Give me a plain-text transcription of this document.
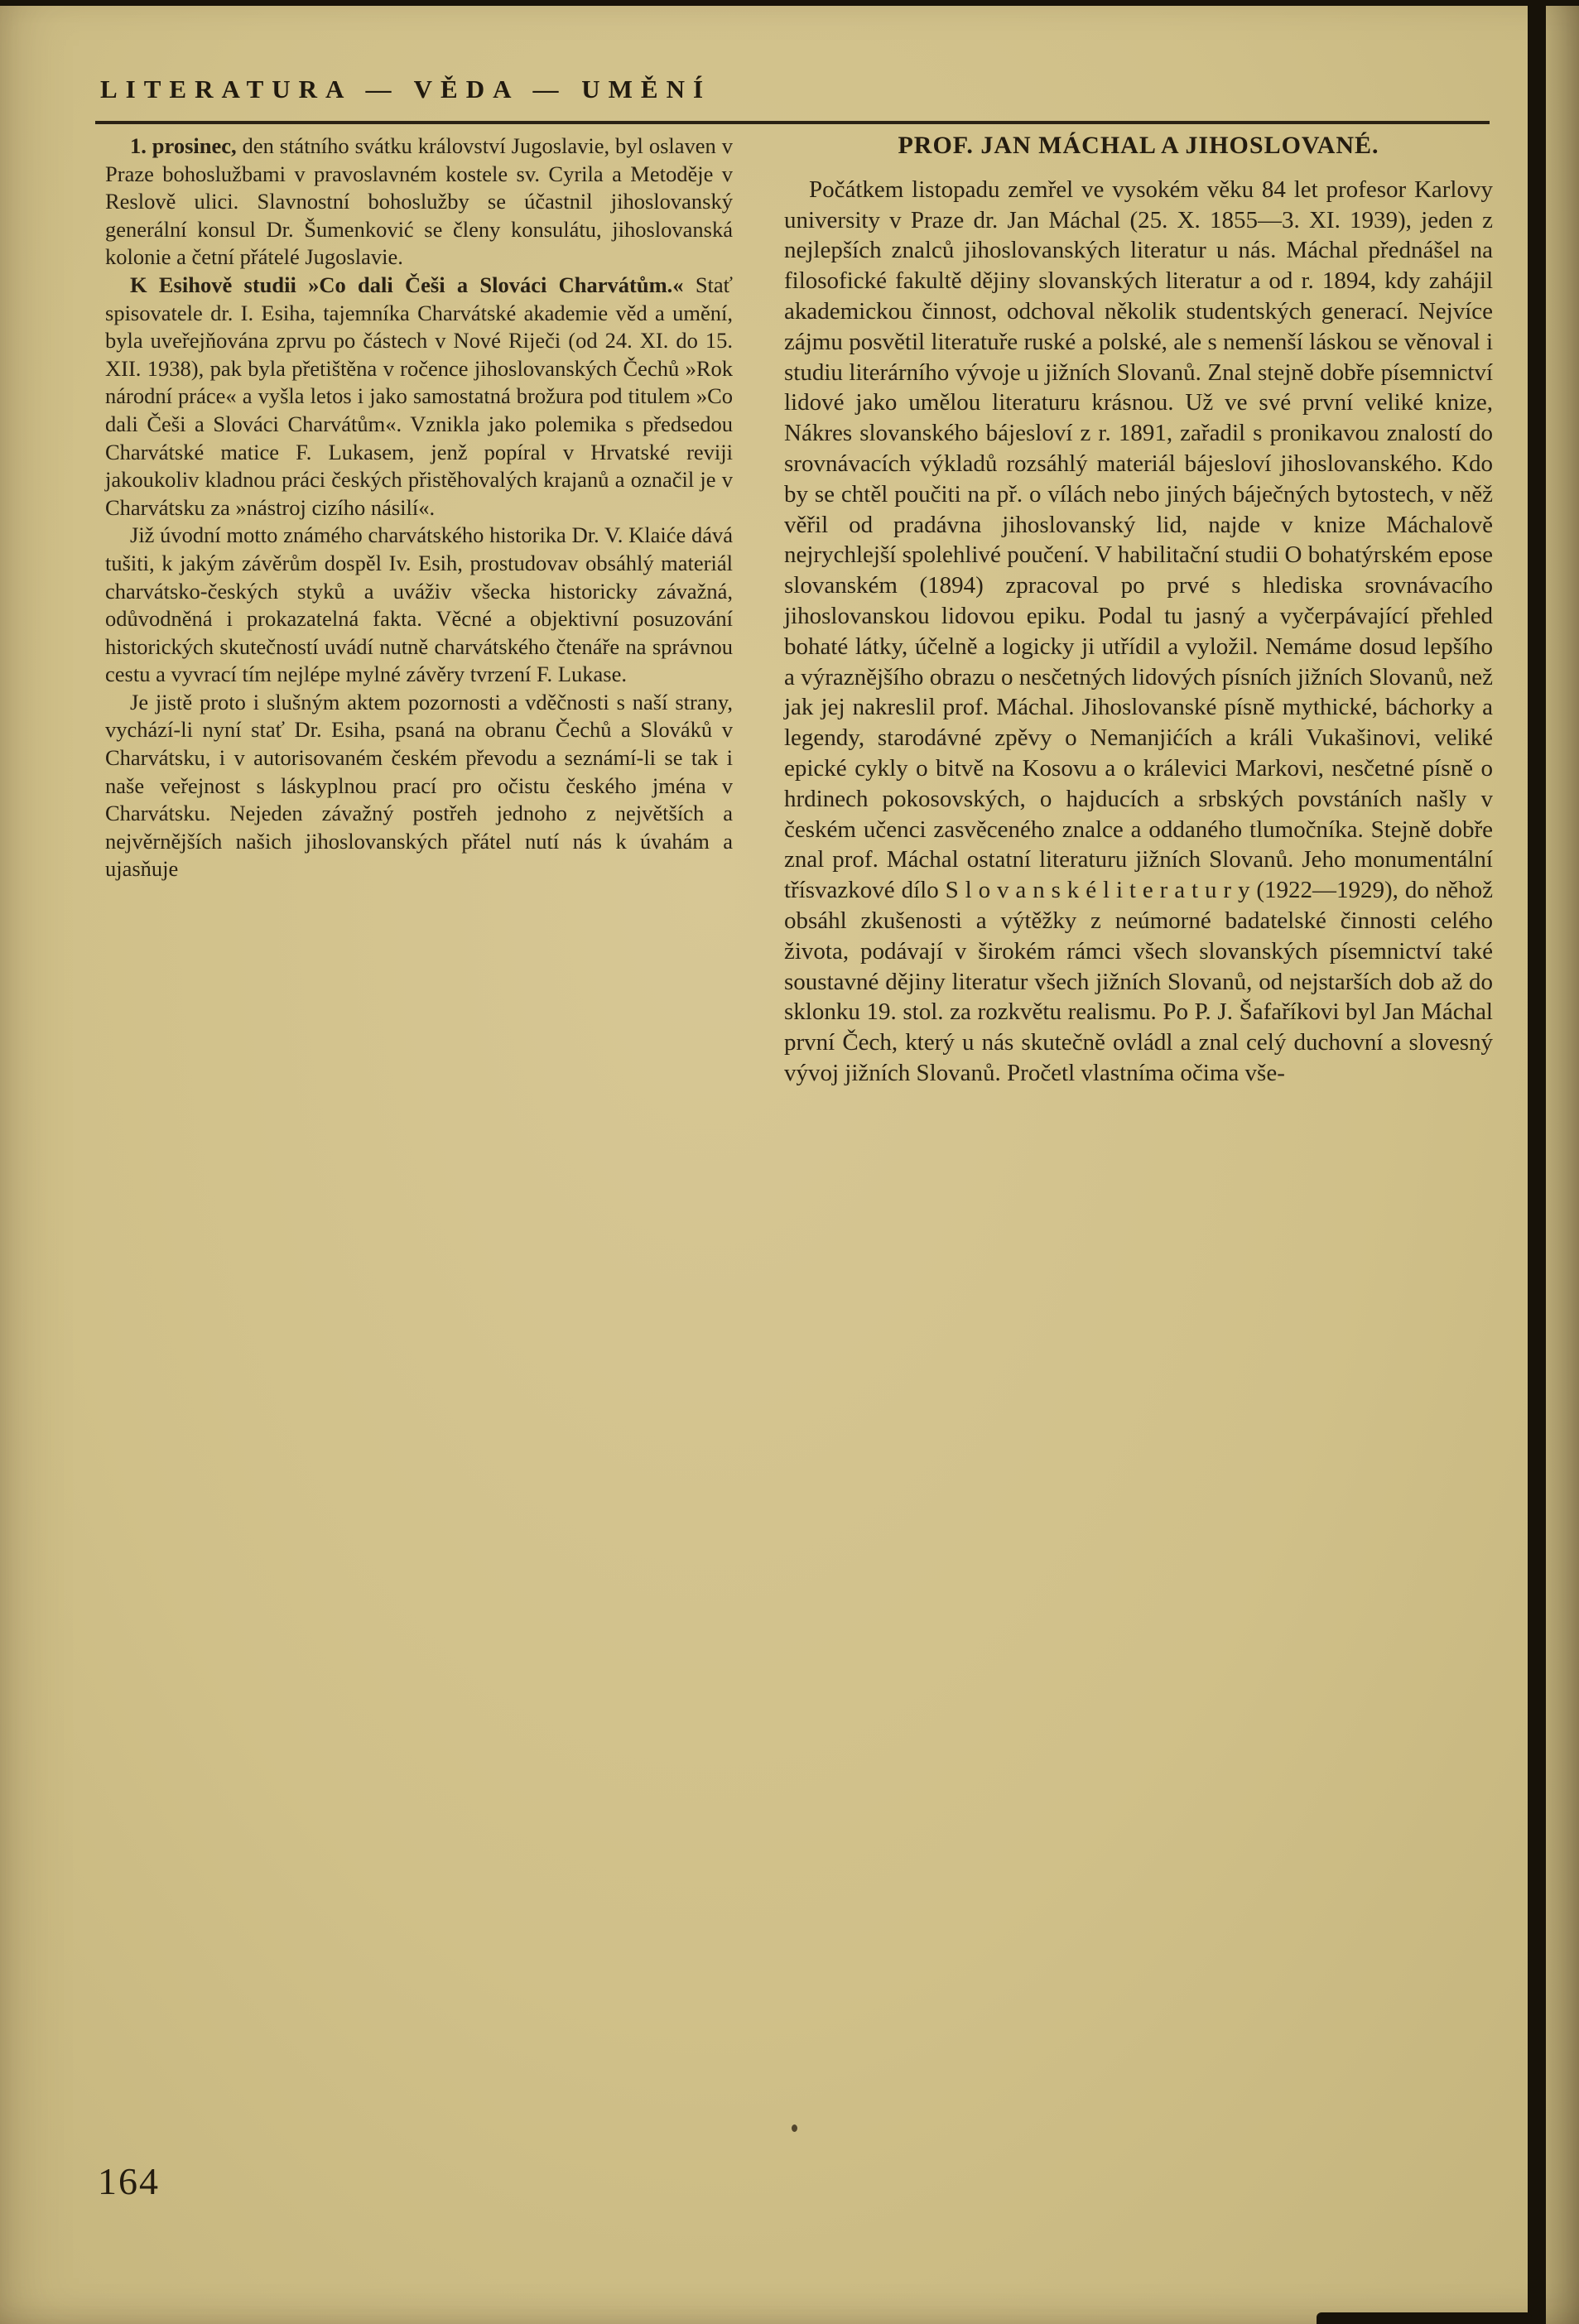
LITERATURA — VĚDA — UMĚNÍ

1. prosinec, den státního svátku království Jugoslavie, byl oslaven v Praze bohoslužbami v pravoslavném kostele sv. Cyrila a Metoděje v Reslově ulici. Slavnostní bohoslužby se účastnil jihoslovanský generální konsul Dr. Šumenković se členy konsulátu, jihoslovanská kolonie a četní přátelé Jugoslavie.

K Esihově studii »Co dali Češi a Slováci Charvátům.« Stať spisovatele dr. I. Esiha, tajemníka Charvátské akademie věd a umění, byla uveřejňována zprvu po částech v Nové Riječi (od 24. XI. do 15. XII. 1938), pak byla přetištěna v ročence jihoslovanských Čechů »Rok národní práce« a vyšla letos i jako samostatná brožura pod titulem »Co dali Češi a Slováci Charvátům«. Vznikla jako polemika s předsedou Charvátské matice F. Lukasem, jenž popíral v Hrvatské reviji jakoukoliv kladnou práci českých přistěhovalých krajanů a označil je v Charvátsku za »nástroj cizího násilí«.

Již úvodní motto známého charvátského historika Dr. V. Klaiće dává tušiti, k jakým závěrům dospěl Iv. Esih, prostudovav obsáhlý materiál charvátsko-českých styků a uváživ všecka historicky závažná, odůvodněná i prokazatelná fakta. Věcné a objektivní posuzování historických skutečností uvádí nutně charvátského čtenáře na správnou cestu a vyvrací tím nejlépe mylné závěry tvrzení F. Lukase.

Je jistě proto i slušným aktem pozornosti a vděčnosti s naší strany, vychází-li nyní stať Dr. Esiha, psaná na obranu Čechů a Slováků v Charvátsku, i v autorisovaném českém převodu a seznámí-li se tak i naše veřejnost s láskyplnou prací pro očistu českého jména v Charvátsku. Nejeden závažný postřeh jednoho z největších a nejvěrnějších našich jihoslovanských přátel nutí nás k úvahám a ujasňuje

PROF. JAN MÁCHAL A JIHOSLOVANÉ.

Počátkem listopadu zemřel ve vysokém věku 84 let profesor Karlovy university v Praze dr. Jan Máchal (25. X. 1855—3. XI. 1939), jeden z nejlepších znalců jihoslovanských literatur u nás. Máchal přednášel na filosofické fakultě dějiny slovanských literatur a od r. 1894, kdy zahájil akademickou činnost, odchoval několik studentských generací. Nejvíce zájmu posvětil literatuře ruské a polské, ale s nemenší láskou se věnoval i studiu literárního vývoje u jižních Slovanů. Znal stejně dobře písemnictví lidové jako umělou literaturu krásnou. Už ve své první veliké knize, Nákres slovanského bájesloví z r. 1891, zařadil s pronikavou znalostí do srovnávacích výkladů rozsáhlý materiál bájesloví jihoslovanského. Kdo by se chtěl poučiti na př. o vílách nebo jiných báječných bytostech, v něž věřil od pradávna jihoslovanský lid, najde v knize Máchalově nejrychlejší spolehlivé poučení. V habilitační studii O bohatýrském epose slovanském (1894) zpracoval po prvé s hlediska srovnávacího jihoslovanskou lidovou epiku. Podal tu jasný a vyčerpávající přehled bohaté látky, účelně a logicky ji utřídil a vyložil. Nemáme dosud lepšího a výraznějšího obrazu o nesčetných lidových písních jižních Slovanů, než jak jej nakreslil prof. Máchal. Jihoslovanské písně mythické, báchorky a legendy, starodávné zpěvy o Nemanjićích a králi Vukašinovi, veliké epické cykly o bitvě na Kosovu a o králevici Markovi, nesčetné písně o hrdinech pokosovských, o hajducích a srbských povstáních našly v českém učenci zasvěceného znalce a oddaného tlumočníka. Stejně dobře znal prof. Máchal ostatní literaturu jižních Slovanů. Jeho monumentální třísvazkové dílo S l o v a n s k é l i t e r a t u r y (1922—1929), do něhož obsáhl zkušenosti a výtěžky z neúmorné badatelské činnosti celého života, podávají v širokém rámci všech slovanských písemnictví také soustavné dějiny literatur všech jižních Slovanů, od nejstarších dob až do sklonku 19. stol. za rozkvětu realismu. Po P. J. Šafaříkovi byl Jan Máchal první Čech, který u nás skutečně ovládl a znal celý duchovní a slovesný vývoj jižních Slovanů. Pročetl vlastníma očima vše-

164
